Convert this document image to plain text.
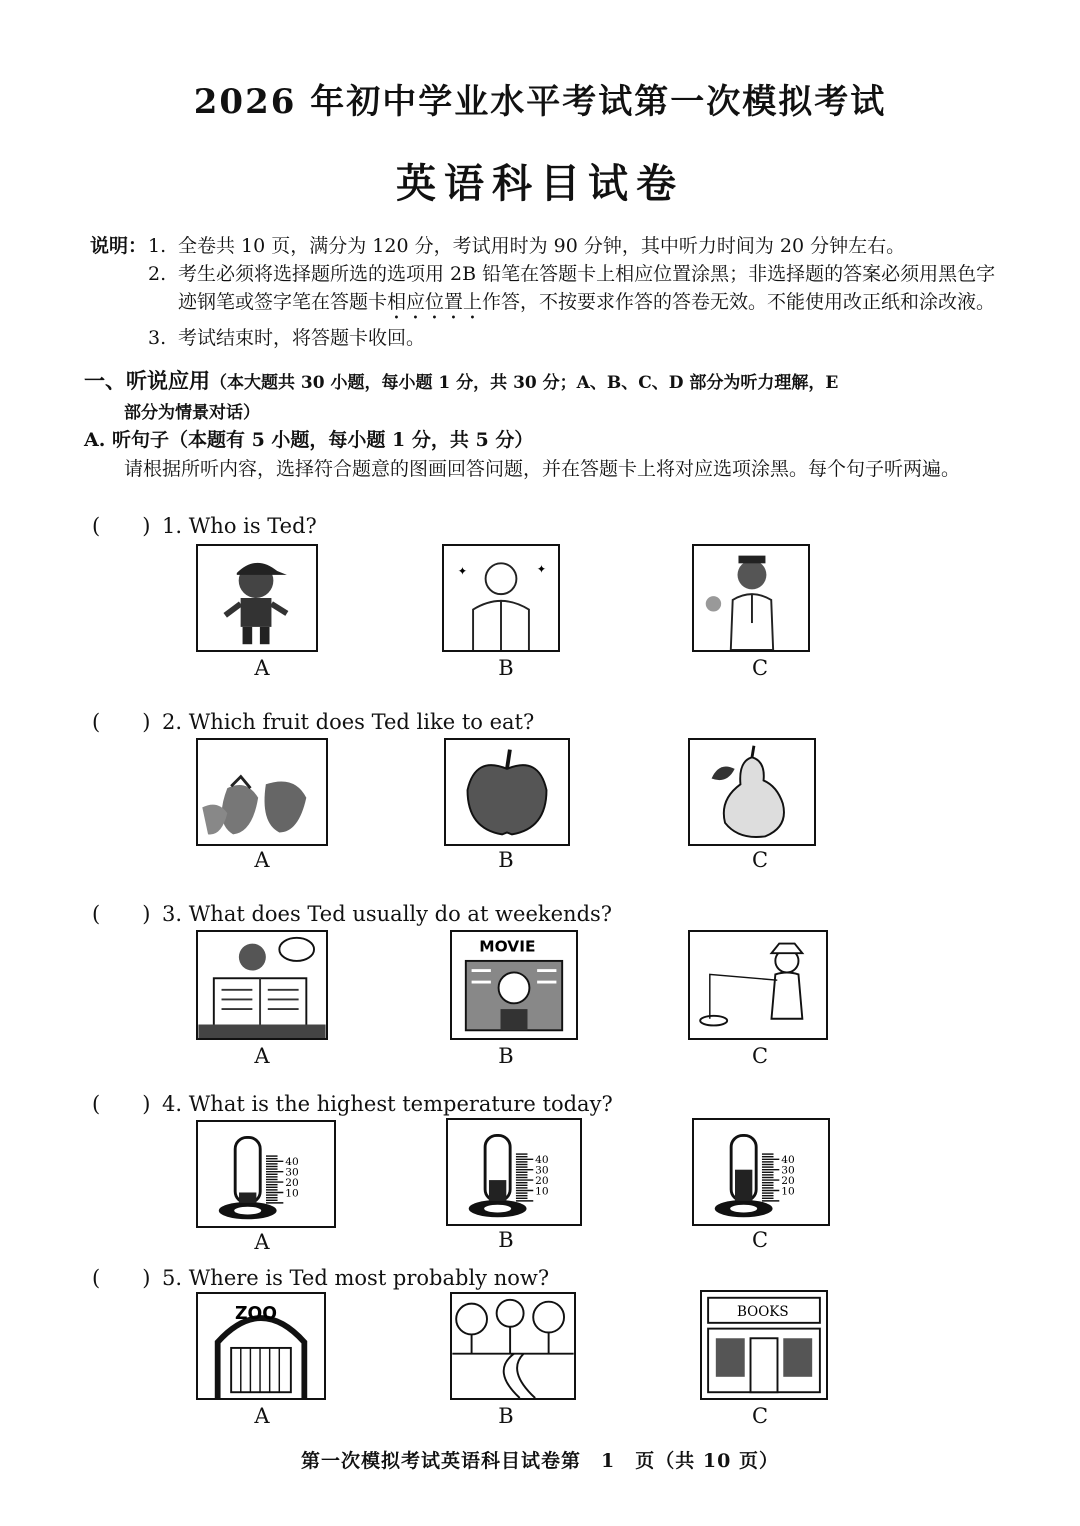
2026 年初中学业水平考试第一次模拟考试
英语科目试卷
说明： 1. 全卷共 10 页，满分为 120 分，考试用时为 90 分钟，其中听力时间为 20 分钟左右。
2. 考生必须将选择题所选的选项用 2B 铅笔在答题卡上相应位置涂黑；非选择题的答案必须用黑色字迹钢笔或签字笔在答题卡相应位置上作答，不按要求作答的答卷无效。不能使用改正纸和涂改液。
3. 考试结束时，将答题卡收回。
一、听说应用（本大题共 30 小题，每小题 1 分，共 30 分；A、B、C、D 部分为听力理解，E
部分为情景对话）
A. 听句子（本题有 5 小题，每小题 1 分，共 5 分）
请根据所听内容，选择符合题意的图画回答问题，并在答题卡上将对应选项涂黑。每个句子听两遍。
(　　) 1. Who is Ted?
✦	✦
A	B	C
(　　) 2. Which fruit does Ted like to eat?
A	B	C
(　　) 3. What does Ted usually do at weekends?
MOVIE
A	B	C
(　　) 4. What is the highest temperature today?
40
30
20
10
40
30
20
10
40
30
20
10
A	B	C
(　　) 5. Where is Ted most probably now?
ZOO	BOOKS
A	B	C
第一次模拟考试英语科目试卷第　1　页（共 10 页）
